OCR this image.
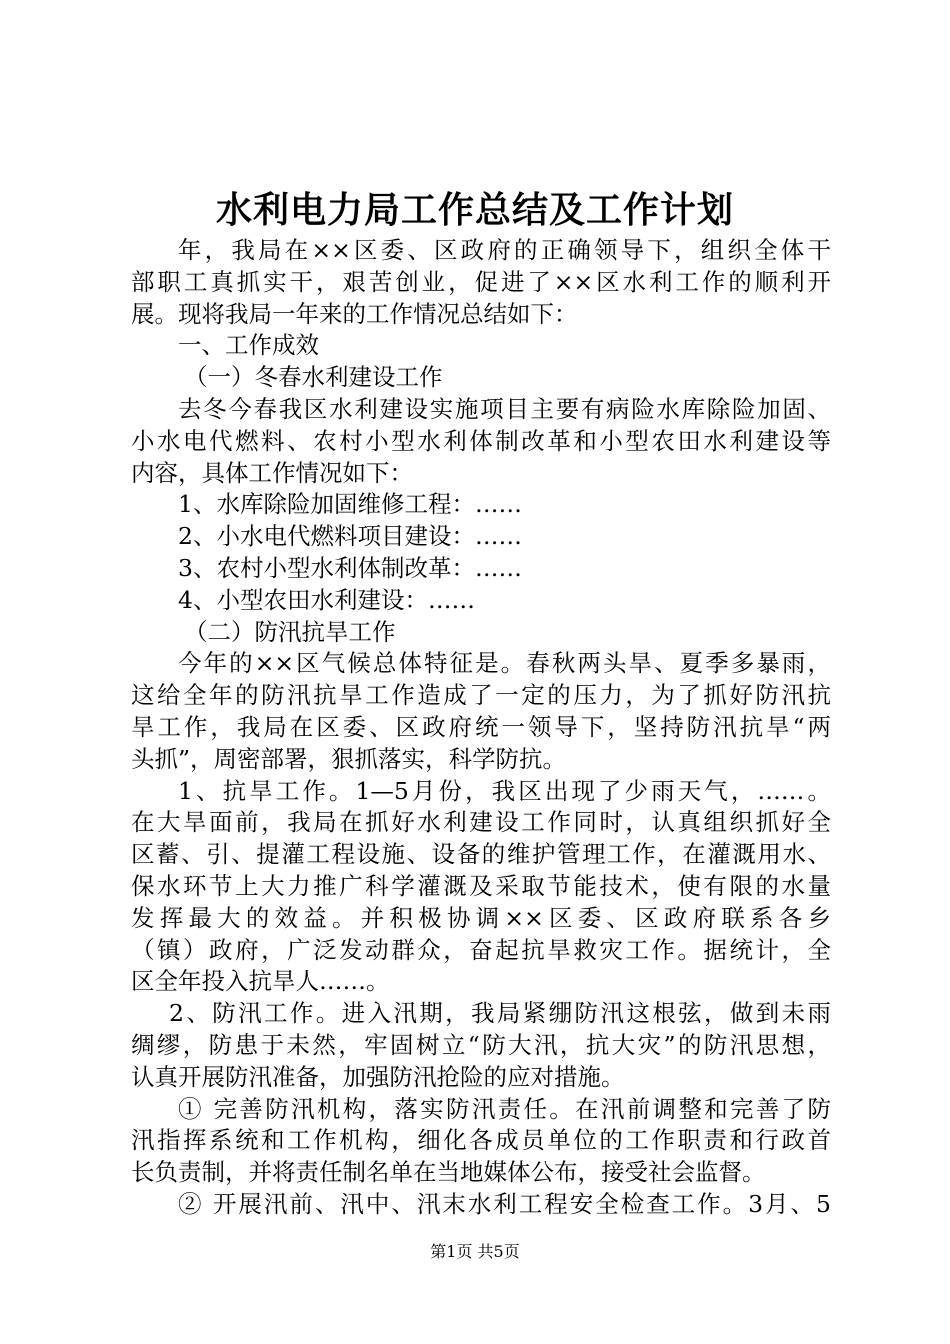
水利电力局工作总结及工作计划
年，我局在××区委、区政府的正确领导下，组织全体干
部职工真抓实干，艰苦创业，促进了××区水利工作的顺利开
展。现将我局一年来的工作情况总结如下：
一、工作成效
（一）冬春水利建设工作
去冬今春我区水利建设实施项目主要有病险水库除险加固、
小水电代燃料、农村小型水利体制改革和小型农田水利建设等
内容，具体工作情况如下：
1、水库除险加固维修工程：……
2、小水电代燃料项目建设：……
3、农村小型水利体制改革：……
4、小型农田水利建设：……
（二）防汛抗旱工作
今年的××区气候总体特征是。春秋两头旱、夏季多暴雨，
这给全年的防汛抗旱工作造成了一定的压力，为了抓好防汛抗
旱工作，我局在区委、区政府统一领导下，坚持防汛抗旱“两
头抓”，周密部署，狠抓落实，科学防抗。
1、抗旱工作。1—5月份，我区出现了少雨天气，……。
在大旱面前，我局在抓好水利建设工作同时，认真组织抓好全
区蓄、引、提灌工程设施、设备的维护管理工作，在灌溉用水、
保水环节上大力推广科学灌溉及采取节能技术，使有限的水量
发挥最大的效益。并积极协调××区委、区政府联系各乡
（镇）政府，广泛发动群众，奋起抗旱救灾工作。据统计，全
区全年投入抗旱人……。
2、防汛工作。进入汛期，我局紧绷防汛这根弦，做到未雨
绸缪，防患于未然，牢固树立“防大汛，抗大灾”的防汛思想，
认真开展防汛准备，加强防汛抢险的应对措施。
① 完善防汛机构，落实防汛责任。在汛前调整和完善了防
汛指挥系统和工作机构，细化各成员单位的工作职责和行政首
长负责制，并将责任制名单在当地媒体公布，接受社会监督。
② 开展汛前、汛中、汛末水利工程安全检查工作。3月、5
第1页 共5页
